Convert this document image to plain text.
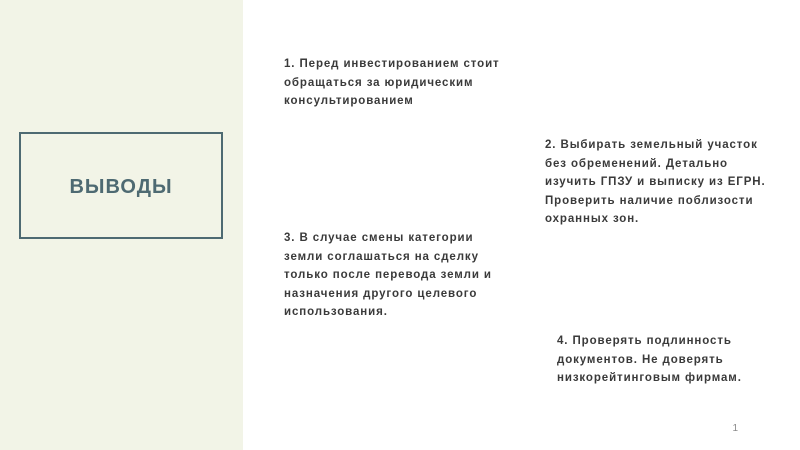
ВЫВОДЫ

1. Перед инвестированием стоит
обращаться за юридическим
консультированием

2. Выбирать земельный участок
без обременений. Детально
изучить ГПЗУ и выписку из ЕГРН.
Проверить наличие поблизости
охранных зон.

3. В случае смены категории
земли соглашаться на сделку
только после перевода земли и
назначения другого целевого
использования.

4. Проверять подлинность
документов. Не доверять
низкорейтинговым фирмам.

1
